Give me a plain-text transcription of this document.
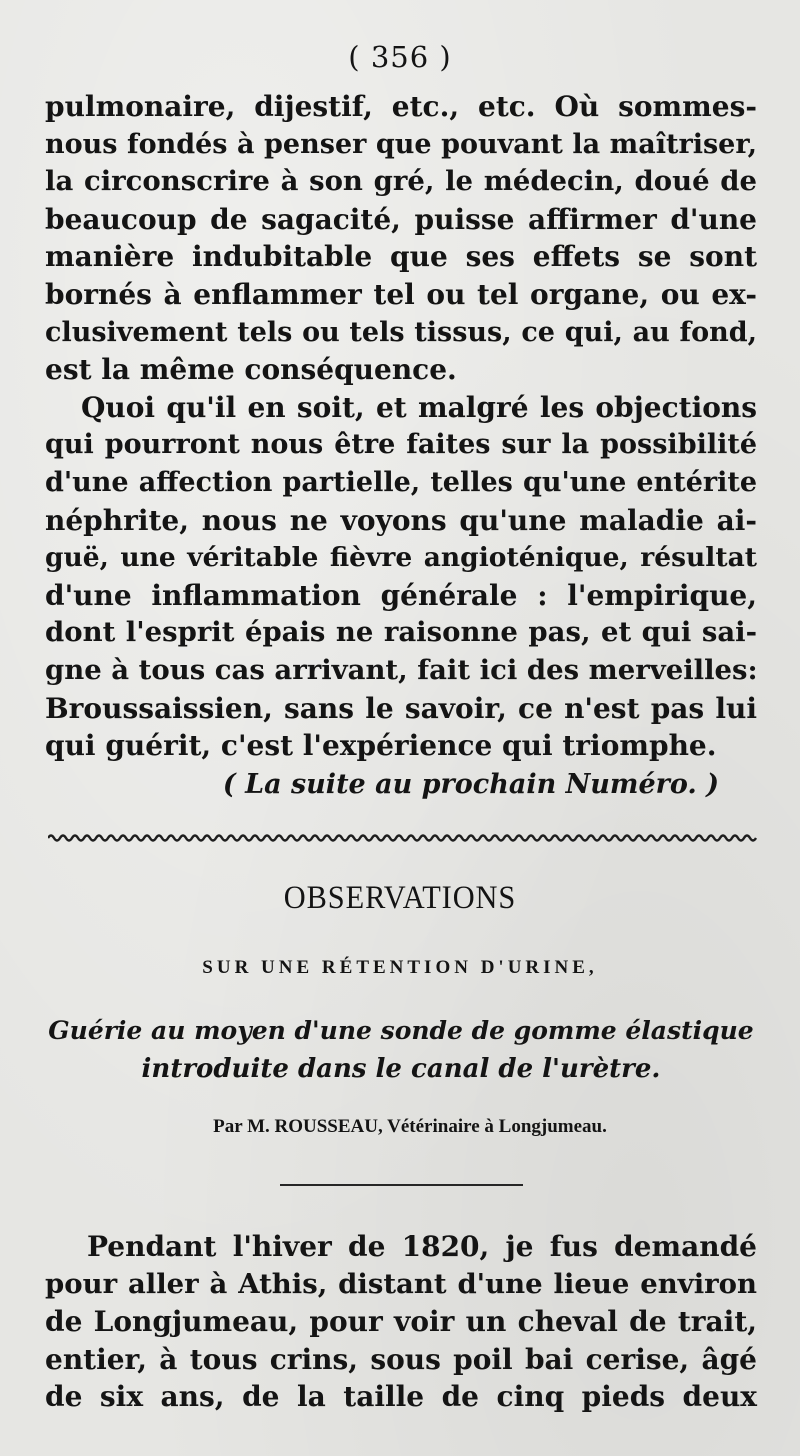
( 356 )
pulmonaire, dijestif, etc., etc. Où sommes-
nous fondés à penser que pouvant la maîtriser,
la circonscrire à son gré, le médecin, doué de
beaucoup de sagacité, puisse affirmer d'une
manière indubitable que ses effets se sont
bornés à enflammer tel ou tel organe, ou ex-
clusivement tels ou tels tissus, ce qui, au fond,
est la même conséquence.
Quoi qu'il en soit, et malgré les objections
qui pourront nous être faites sur la possibilité
d'une affection partielle, telles qu'une entérite
néphrite, nous ne voyons qu'une maladie ai-
guë, une véritable fièvre angioténique, résultat
d'une inflammation générale : l'empirique,
dont l'esprit épais ne raisonne pas, et qui sai-
gne à tous cas arrivant, fait ici des merveilles:
Broussaissien, sans le savoir, ce n'est pas lui
qui guérit, c'est l'expérience qui triomphe.
( La suite au prochain Numéro. )
OBSERVATIONS
SUR UNE RÉTENTION D'URINE,
Guérie au moyen d'une sonde de gomme élastique
introduite dans le canal de l'urètre.
Par M. ROUSSEAU, Vétérinaire à Longjumeau.
Pendant l'hiver de 1820, je fus demandé
pour aller à Athis, distant d'une lieue environ
de Longjumeau, pour voir un cheval de trait,
entier, à tous crins, sous poil bai cerise, âgé
de six ans, de la taille de cinq pieds deux
